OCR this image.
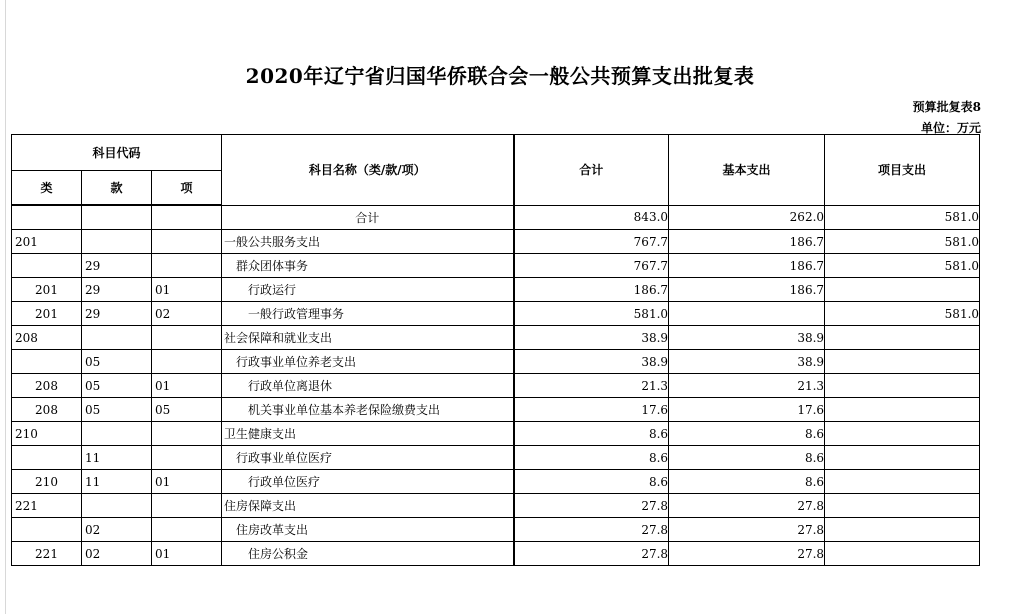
2020年辽宁省归国华侨联合会一般公共预算支出批复表
预算批复表8
单位：万元
科目代码			科目名称（类/款/项）	合计	基本支出	项目支出
类	款	项				
			合计	843.0	262.0	581.0
201			一般公共服务支出	767.7	186.7	581.0
	29		群众团体事务	767.7	186.7	581.0
201	29	01	行政运行	186.7	186.7	
201	29	02	一般行政管理事务	581.0		581.0
208			社会保障和就业支出	38.9	38.9	
	05		行政事业单位养老支出	38.9	38.9	
208	05	01	行政单位离退休	21.3	21.3	
208	05	05	机关事业单位基本养老保险缴费支出	17.6	17.6	
210			卫生健康支出	8.6	8.6	
	11		行政事业单位医疗	8.6	8.6	
210	11	01	行政单位医疗	8.6	8.6	
221			住房保障支出	27.8	27.8	
	02		住房改革支出	27.8	27.8	
221	02	01	住房公积金	27.8	27.8	
